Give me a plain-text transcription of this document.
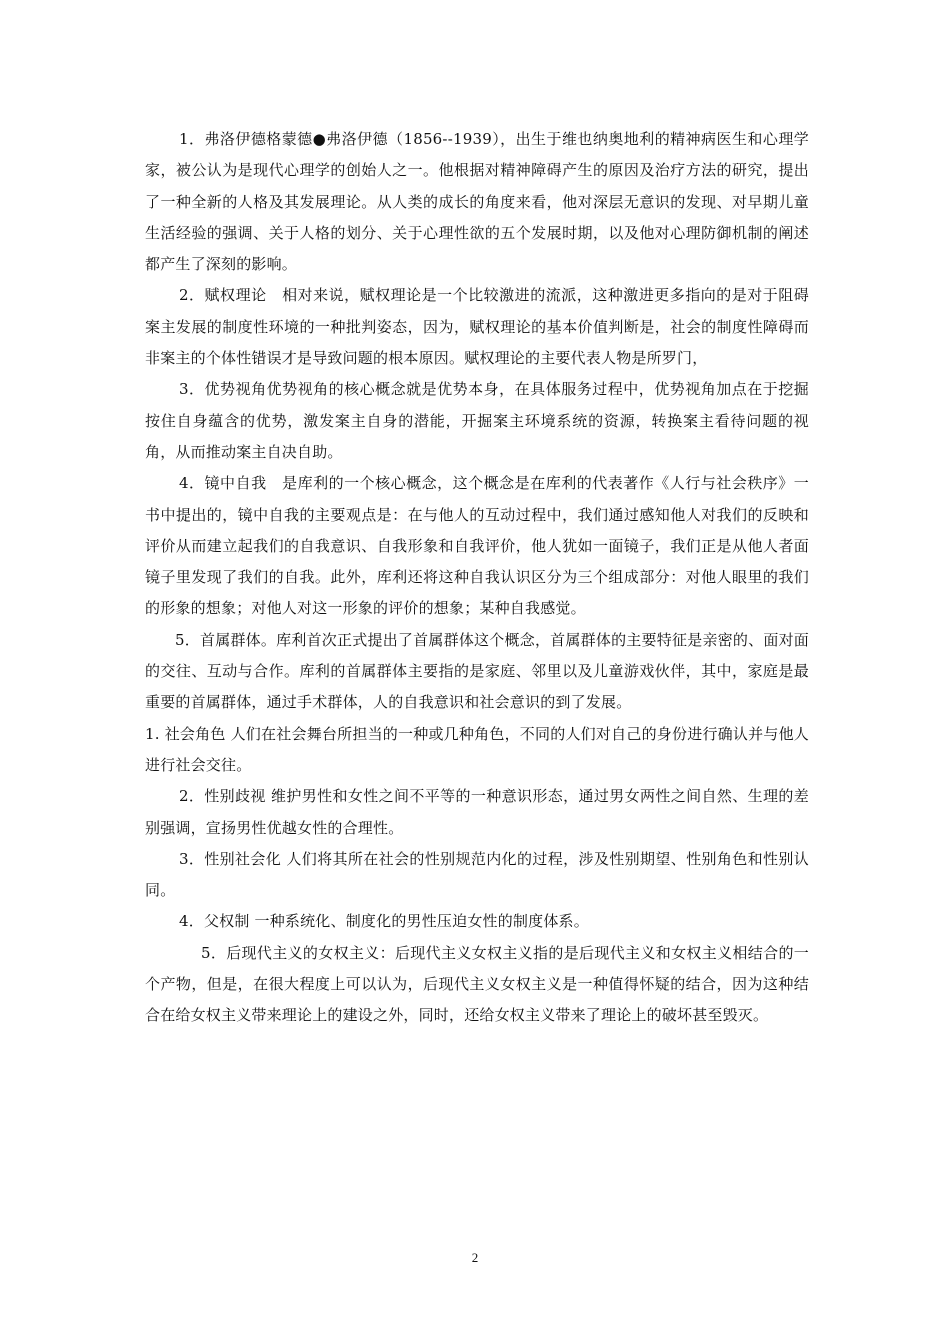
1．弗洛伊德格蒙德●弗洛伊德（1856--1939），出生于维也纳奥地利的精神病医生和心理学家，被公认为是现代心理学的创始人之一。他根据对精神障碍产生的原因及治疗方法的研究，提出了一种全新的人格及其发展理论。从人类的成长的角度来看，他对深层无意识的发现、对早期儿童生活经验的强调、关于人格的划分、关于心理性欲的五个发展时期，以及他对心理防御机制的阐述都产生了深刻的影响。

2．赋权理论　相对来说，赋权理论是一个比较激进的流派，这种激进更多指向的是对于阻碍案主发展的制度性环境的一种批判姿态，因为，赋权理论的基本价值判断是，社会的制度性障碍而非案主的个体性错误才是导致问题的根本原因。赋权理论的主要代表人物是所罗门，

3．优势视角优势视角的核心概念就是优势本身，在具体服务过程中，优势视角加点在于挖掘按住自身蕴含的优势，激发案主自身的潜能，开掘案主环境系统的资源，转换案主看待问题的视角，从而推动案主自决自助。

4．镜中自我　是库利的一个核心概念，这个概念是在库利的代表著作《人行与社会秩序》一书中提出的，镜中自我的主要观点是：在与他人的互动过程中，我们通过感知他人对我们的反映和评价从而建立起我们的自我意识、自我形象和自我评价，他人犹如一面镜子，我们正是从他人者面镜子里发现了我们的自我。此外，库利还将这种自我认识区分为三个组成部分：对他人眼里的我们的形象的想象；对他人对这一形象的评价的想象；某种自我感觉。

5．首属群体。库利首次正式提出了首属群体这个概念，首属群体的主要特征是亲密的、面对面的交往、互动与合作。库利的首属群体主要指的是家庭、邻里以及儿童游戏伙伴，其中，家庭是最重要的首属群体，通过手术群体，人的自我意识和社会意识的到了发展。

1. 社会角色 人们在社会舞台所担当的一种或几种角色，不同的人们对自己的身份进行确认并与他人进行社会交往。

2．性别歧视 维护男性和女性之间不平等的一种意识形态，通过男女两性之间自然、生理的差别强调，宣扬男性优越女性的合理性。

3．性别社会化 人们将其所在社会的性别规范内化的过程，涉及性别期望、性别角色和性别认同。

4．父权制 一种系统化、制度化的男性压迫女性的制度体系。

5．后现代主义的女权主义：后现代主义女权主义指的是后现代主义和女权主义相结合的一个产物，但是，在很大程度上可以认为，后现代主义女权主义是一种值得怀疑的结合，因为这种结合在给女权主义带来理论上的建设之外，同时，还给女权主义带来了理论上的破坏甚至毁灭。

2
